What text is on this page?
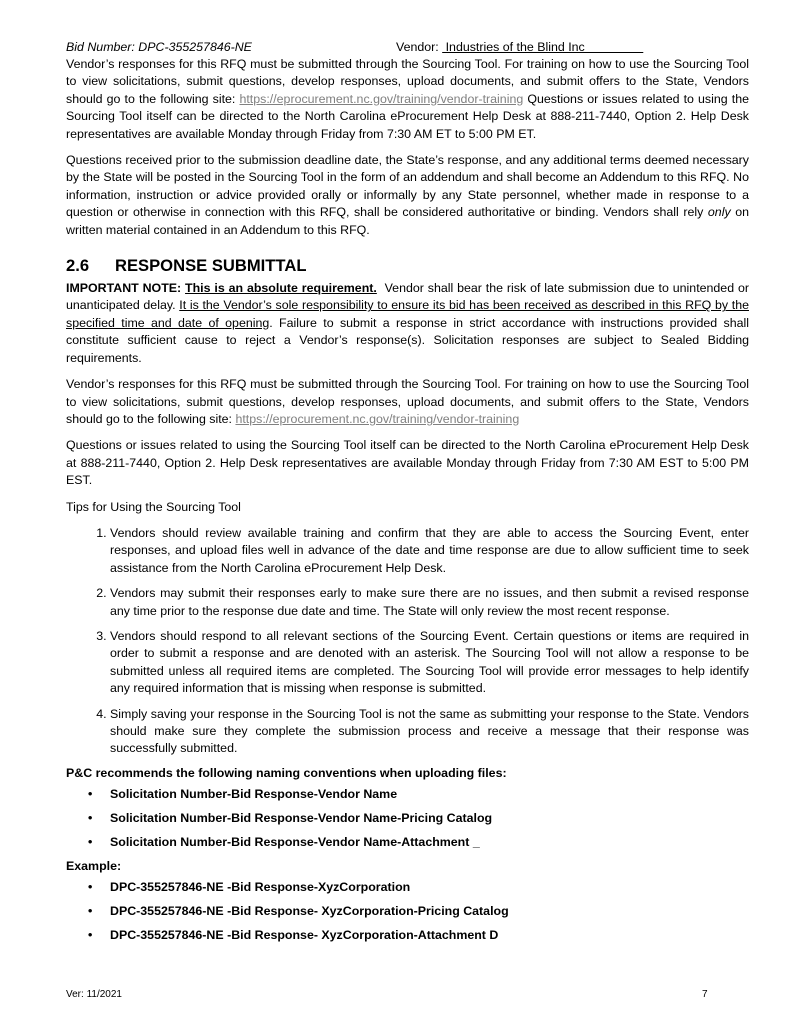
Bid Number: DPC-355257846-NE	Vendor:  Industries of the Blind Inc

Vendor’s responses for this RFQ must be submitted through the Sourcing Tool. For training on how to use the Sourcing Tool to view solicitations, submit questions, develop responses, upload documents, and submit offers to the State, Vendors should go to the following site: https://eprocurement.nc.gov/training/vendor-training Questions or issues related to using the Sourcing Tool itself can be directed to the North Carolina eProcurement Help Desk at 888-211-7440, Option 2. Help Desk representatives are available Monday through Friday from 7:30 AM ET to 5:00 PM ET.

Questions received prior to the submission deadline date, the State’s response, and any additional terms deemed necessary by the State will be posted in the Sourcing Tool in the form of an addendum and shall become an Addendum to this RFQ. No information, instruction or advice provided orally or informally by any State personnel, whether made in response to a question or otherwise in connection with this RFQ, shall be considered authoritative or binding. Vendors shall rely only on written material contained in an Addendum to this RFQ.

2.6 RESPONSE SUBMITTAL

IMPORTANT NOTE: This is an absolute requirement.  Vendor shall bear the risk of late submission due to unintended or unanticipated delay. It is the Vendor’s sole responsibility to ensure its bid has been received as described in this RFQ by the specified time and date of opening. Failure to submit a response in strict accordance with instructions provided shall constitute sufficient cause to reject a Vendor’s response(s). Solicitation responses are subject to Sealed Bidding requirements.

Vendor’s responses for this RFQ must be submitted through the Sourcing Tool. For training on how to use the Sourcing Tool to view solicitations, submit questions, develop responses, upload documents, and submit offers to the State, Vendors should go to the following site: https://eprocurement.nc.gov/training/vendor-training

Questions or issues related to using the Sourcing Tool itself can be directed to the North Carolina eProcurement Help Desk at 888-211-7440, Option 2. Help Desk representatives are available Monday through Friday from 7:30 AM EST to 5:00 PM EST.

Tips for Using the Sourcing Tool

1. Vendors should review available training and confirm that they are able to access the Sourcing Event, enter responses, and upload files well in advance of the date and time response are due to allow sufficient time to seek assistance from the North Carolina eProcurement Help Desk.
2. Vendors may submit their responses early to make sure there are no issues, and then submit a revised response any time prior to the response due date and time. The State will only review the most recent response.
3. Vendors should respond to all relevant sections of the Sourcing Event. Certain questions or items are required in order to submit a response and are denoted with an asterisk. The Sourcing Tool will not allow a response to be submitted unless all required items are completed. The Sourcing Tool will provide error messages to help identify any required information that is missing when response is submitted.
4. Simply saving your response in the Sourcing Tool is not the same as submitting your response to the State. Vendors should make sure they complete the submission process and receive a message that their response was successfully submitted.

P&C recommends the following naming conventions when uploading files:

• Solicitation Number-Bid Response-Vendor Name
• Solicitation Number-Bid Response-Vendor Name-Pricing Catalog
• Solicitation Number-Bid Response-Vendor Name-Attachment _

Example:

• DPC-355257846-NE -Bid Response-XyzCorporation
• DPC-355257846-NE -Bid Response- XyzCorporation-Pricing Catalog
• DPC-355257846-NE -Bid Response- XyzCorporation-Attachment D
Ver: 11/2021	7
